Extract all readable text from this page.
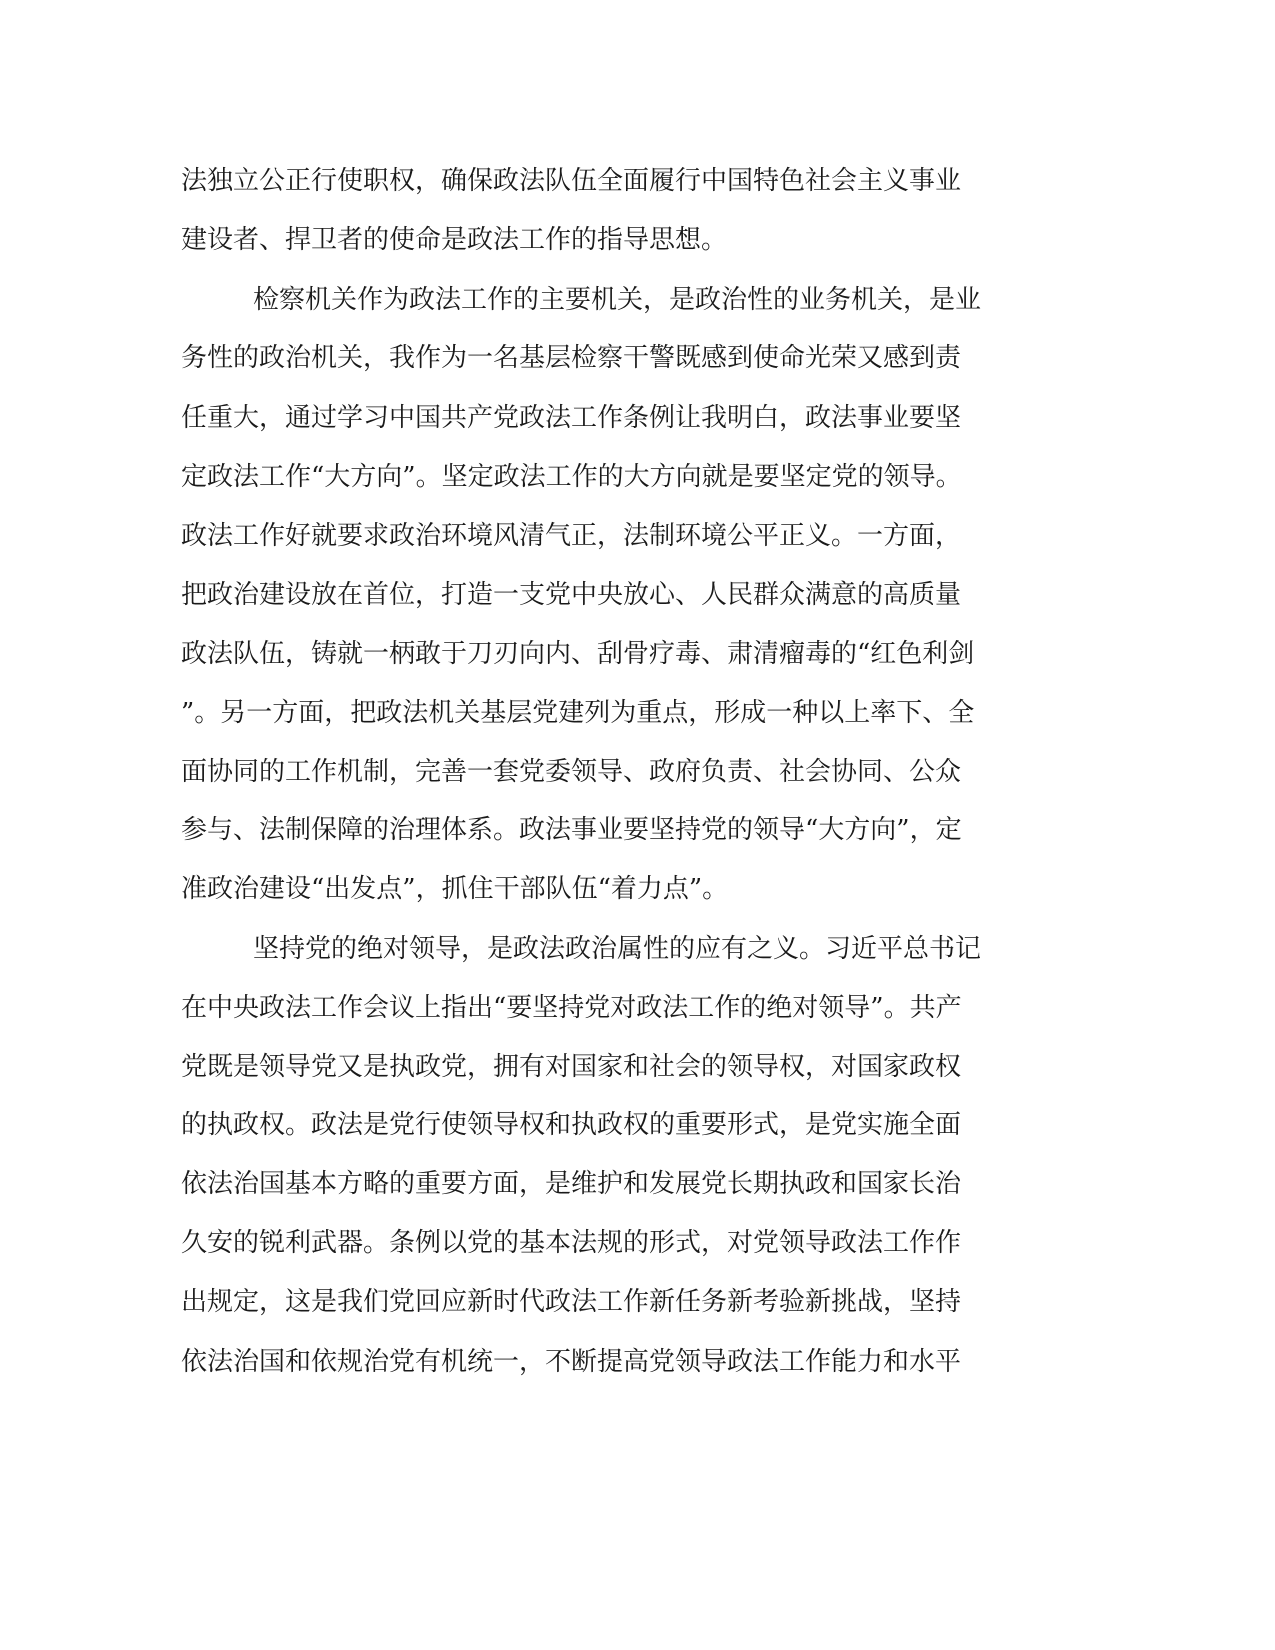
法独立公正行使职权，确保政法队伍全面履行中国特色社会主义事业
建设者、捍卫者的使命是政法工作的指导思想。
检察机关作为政法工作的主要机关，是政治性的业务机关，是业
务性的政治机关，我作为一名基层检察干警既感到使命光荣又感到责
任重大，通过学习中国共产党政法工作条例让我明白，政法事业要坚
定政法工作“大方向”。坚定政法工作的大方向就是要坚定党的领导。
政法工作好就要求政治环境风清气正，法制环境公平正义。一方面，
把政治建设放在首位，打造一支党中央放心、人民群众满意的高质量
政法队伍，铸就一柄敢于刀刃向内、刮骨疗毒、肃清瘤毒的“红色利剑
”。另一方面，把政法机关基层党建列为重点，形成一种以上率下、全
面协同的工作机制，完善一套党委领导、政府负责、社会协同、公众
参与、法制保障的治理体系。政法事业要坚持党的领导“大方向”，定
准政治建设“出发点”，抓住干部队伍“着力点”。
坚持党的绝对领导，是政法政治属性的应有之义。习近平总书记
在中央政法工作会议上指出“要坚持党对政法工作的绝对领导”。共产
党既是领导党又是执政党，拥有对国家和社会的领导权，对国家政权
的执政权。政法是党行使领导权和执政权的重要形式，是党实施全面
依法治国基本方略的重要方面，是维护和发展党长期执政和国家长治
久安的锐利武器。条例以党的基本法规的形式，对党领导政法工作作
出规定，这是我们党回应新时代政法工作新任务新考验新挑战，坚持
依法治国和依规治党有机统一，不断提高党领导政法工作能力和水平
